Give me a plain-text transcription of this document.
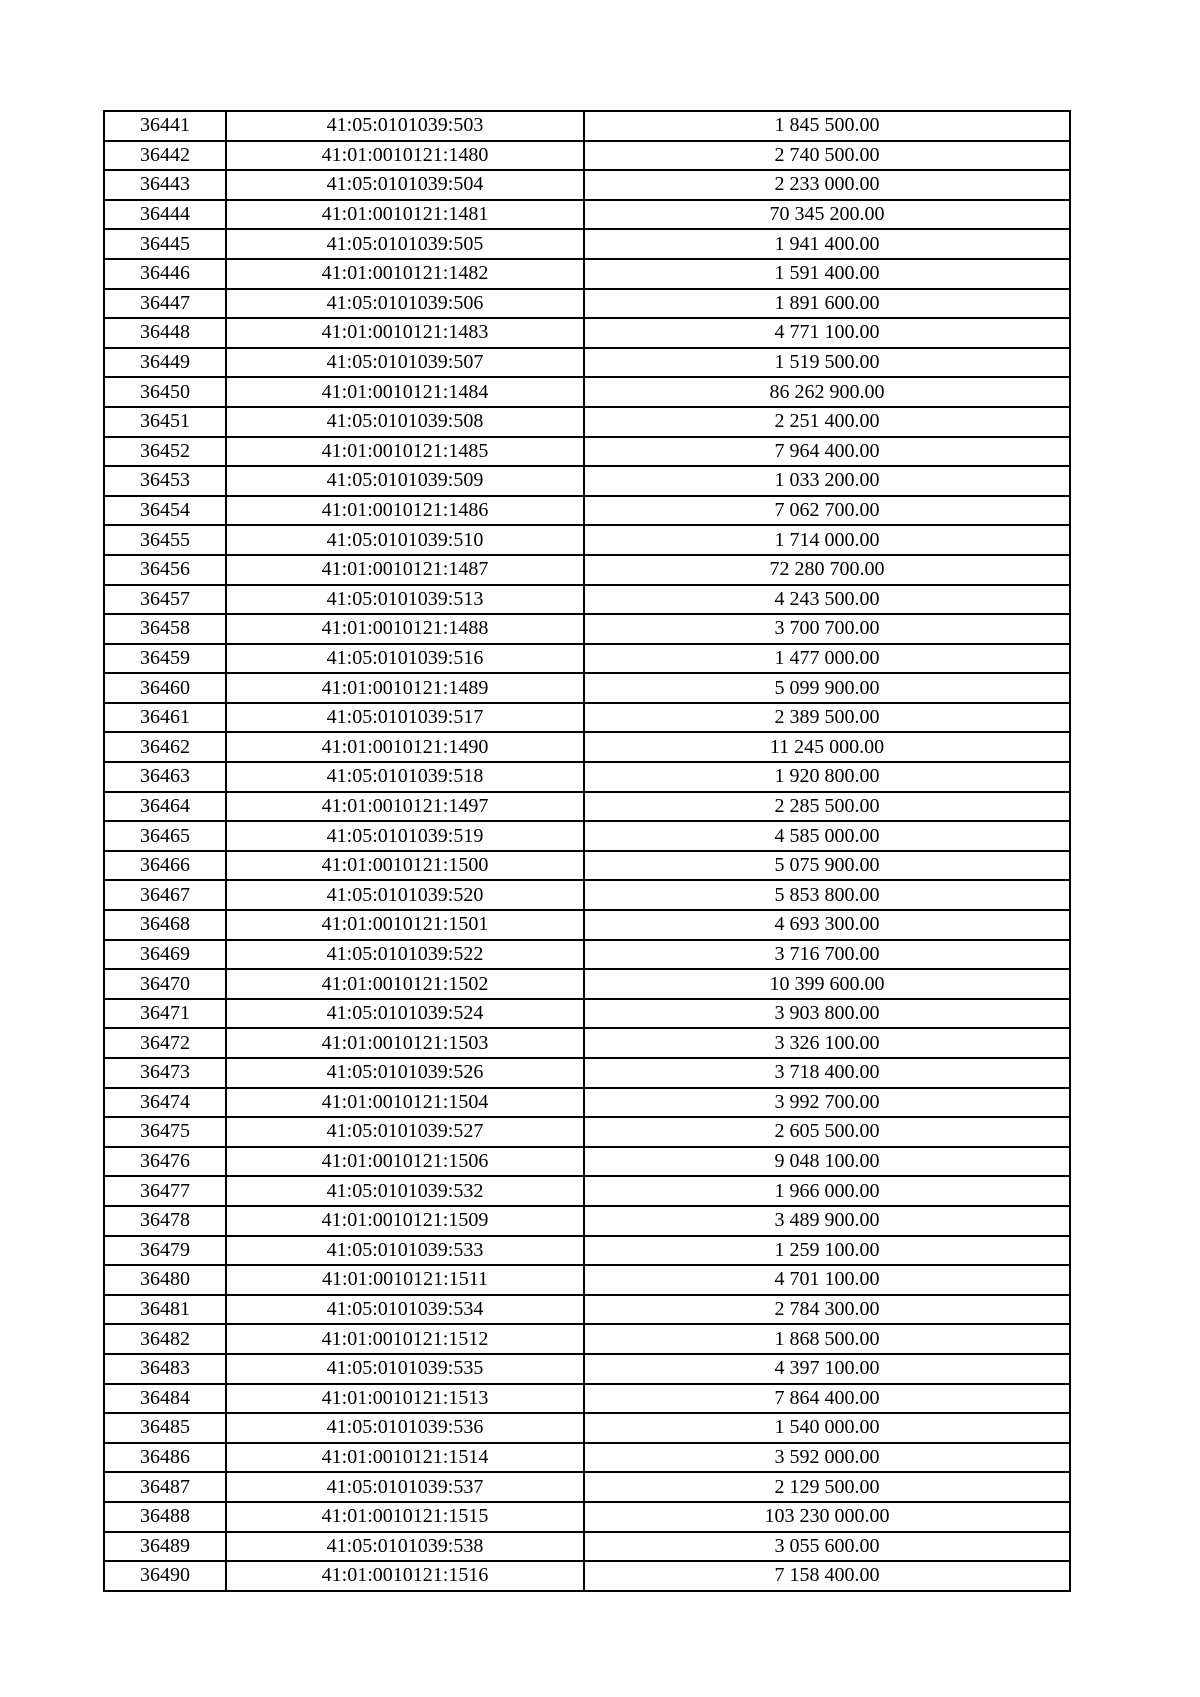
36441	41:05:0101039:503	1 845 500.00
36442	41:01:0010121:1480	2 740 500.00
36443	41:05:0101039:504	2 233 000.00
36444	41:01:0010121:1481	70 345 200.00
36445	41:05:0101039:505	1 941 400.00
36446	41:01:0010121:1482	1 591 400.00
36447	41:05:0101039:506	1 891 600.00
36448	41:01:0010121:1483	4 771 100.00
36449	41:05:0101039:507	1 519 500.00
36450	41:01:0010121:1484	86 262 900.00
36451	41:05:0101039:508	2 251 400.00
36452	41:01:0010121:1485	7 964 400.00
36453	41:05:0101039:509	1 033 200.00
36454	41:01:0010121:1486	7 062 700.00
36455	41:05:0101039:510	1 714 000.00
36456	41:01:0010121:1487	72 280 700.00
36457	41:05:0101039:513	4 243 500.00
36458	41:01:0010121:1488	3 700 700.00
36459	41:05:0101039:516	1 477 000.00
36460	41:01:0010121:1489	5 099 900.00
36461	41:05:0101039:517	2 389 500.00
36462	41:01:0010121:1490	11 245 000.00
36463	41:05:0101039:518	1 920 800.00
36464	41:01:0010121:1497	2 285 500.00
36465	41:05:0101039:519	4 585 000.00
36466	41:01:0010121:1500	5 075 900.00
36467	41:05:0101039:520	5 853 800.00
36468	41:01:0010121:1501	4 693 300.00
36469	41:05:0101039:522	3 716 700.00
36470	41:01:0010121:1502	10 399 600.00
36471	41:05:0101039:524	3 903 800.00
36472	41:01:0010121:1503	3 326 100.00
36473	41:05:0101039:526	3 718 400.00
36474	41:01:0010121:1504	3 992 700.00
36475	41:05:0101039:527	2 605 500.00
36476	41:01:0010121:1506	9 048 100.00
36477	41:05:0101039:532	1 966 000.00
36478	41:01:0010121:1509	3 489 900.00
36479	41:05:0101039:533	1 259 100.00
36480	41:01:0010121:1511	4 701 100.00
36481	41:05:0101039:534	2 784 300.00
36482	41:01:0010121:1512	1 868 500.00
36483	41:05:0101039:535	4 397 100.00
36484	41:01:0010121:1513	7 864 400.00
36485	41:05:0101039:536	1 540 000.00
36486	41:01:0010121:1514	3 592 000.00
36487	41:05:0101039:537	2 129 500.00
36488	41:01:0010121:1515	103 230 000.00
36489	41:05:0101039:538	3 055 600.00
36490	41:01:0010121:1516	7 158 400.00
